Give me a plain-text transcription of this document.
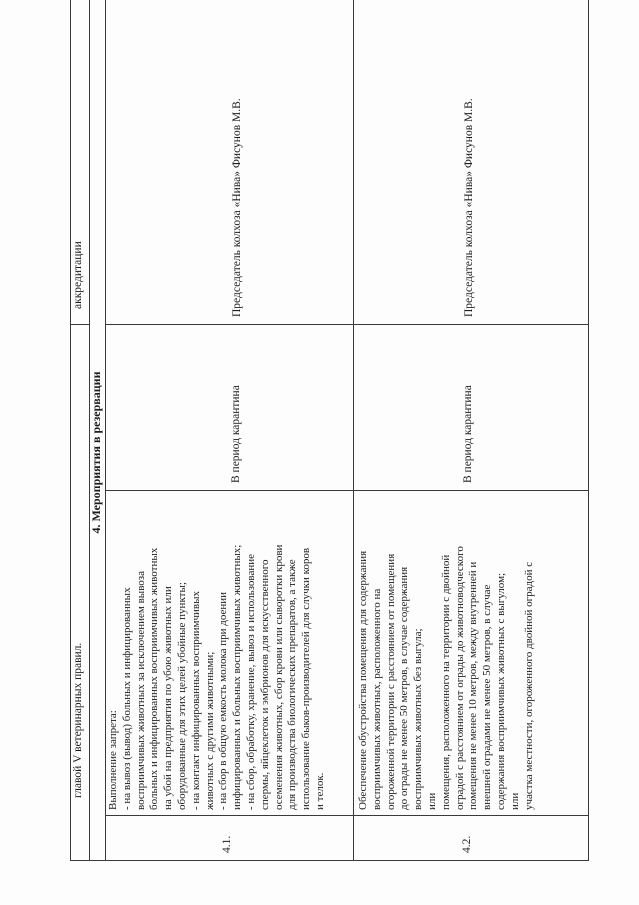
главой V ветеринарных правил.
аккредитации
4. Мероприятия в резервации
4.1.

Выполнение запрета: - на вывоз (вывод) больных и инфицированных восприимчивых животных за исключением вывоза больных и инфицированных восприимчивых животных на убой на предприятия по убою животных или оборудованные для этих целей убойные пункты; - на контакт инфицированных восприимчивых животных с другими животными; - на сбор в общую емкость молока при доении инфицированных и больных восприимчивых животных; - на сбор, обработку, хранение, вывоз и использование спермы, яйцеклеток и эмбрионов для искусственного осеменения животных, сбор крови или сыворотки крови для производства биологических препаратов, а также использование быков-производителей для случки коров и телок.

В период карантина
Председатель колхоза «Нива» Фисунов М.В.
4.2.

Обеспечение обустройства помещения для содержания восприимчивых животных, расположенного на огороженной территории с расстоянием от помещения до ограды не менее 50 метров, в случае содержания восприимчивых животных без выгула; или помещения, расположенного на территории с двойной оградой с расстоянием от ограды до животноводческого помещения не менее 10 метров, между внутренней и внешней оградами не менее 50 метров, в случае содержания восприимчивых животных с выгулом; или участка местности, огороженного двойной оградой с

В период карантина
Председатель колхоза «Нива» Фисунов М.В.
